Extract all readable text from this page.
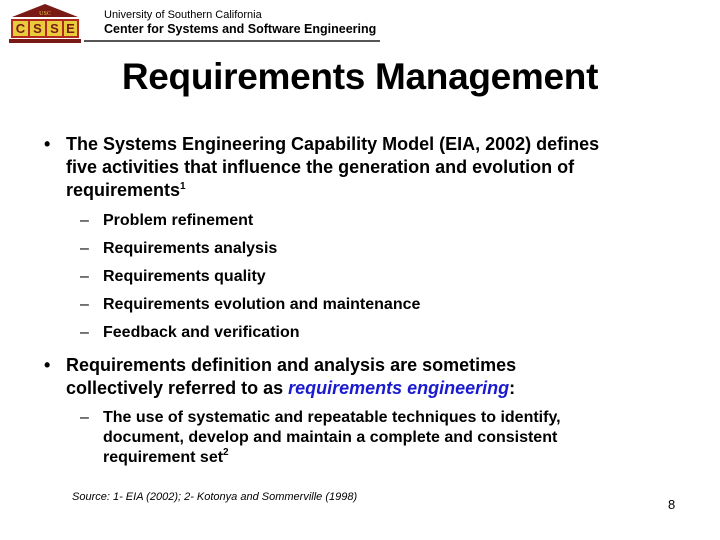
USC
C S S E
University of Southern California
Center for Systems and Software Engineering
Requirements Management
• The Systems Engineering Capability Model (EIA, 2002) defines
five activities that influence the generation and evolution of
requirements$^1$
– Problem refinement
– Requirements analysis
– Requirements quality
– Requirements evolution and maintenance
– Feedback and verification
• Requirements definition and analysis are sometimes
collectively referred to as requirements engineering:
– The use of systematic and repeatable techniques to identify,
document, develop and maintain a complete and consistent
requirement set$^2$
Source: 1- EIA (2002); 2- Kotonya and Sommerville (1998)	8
